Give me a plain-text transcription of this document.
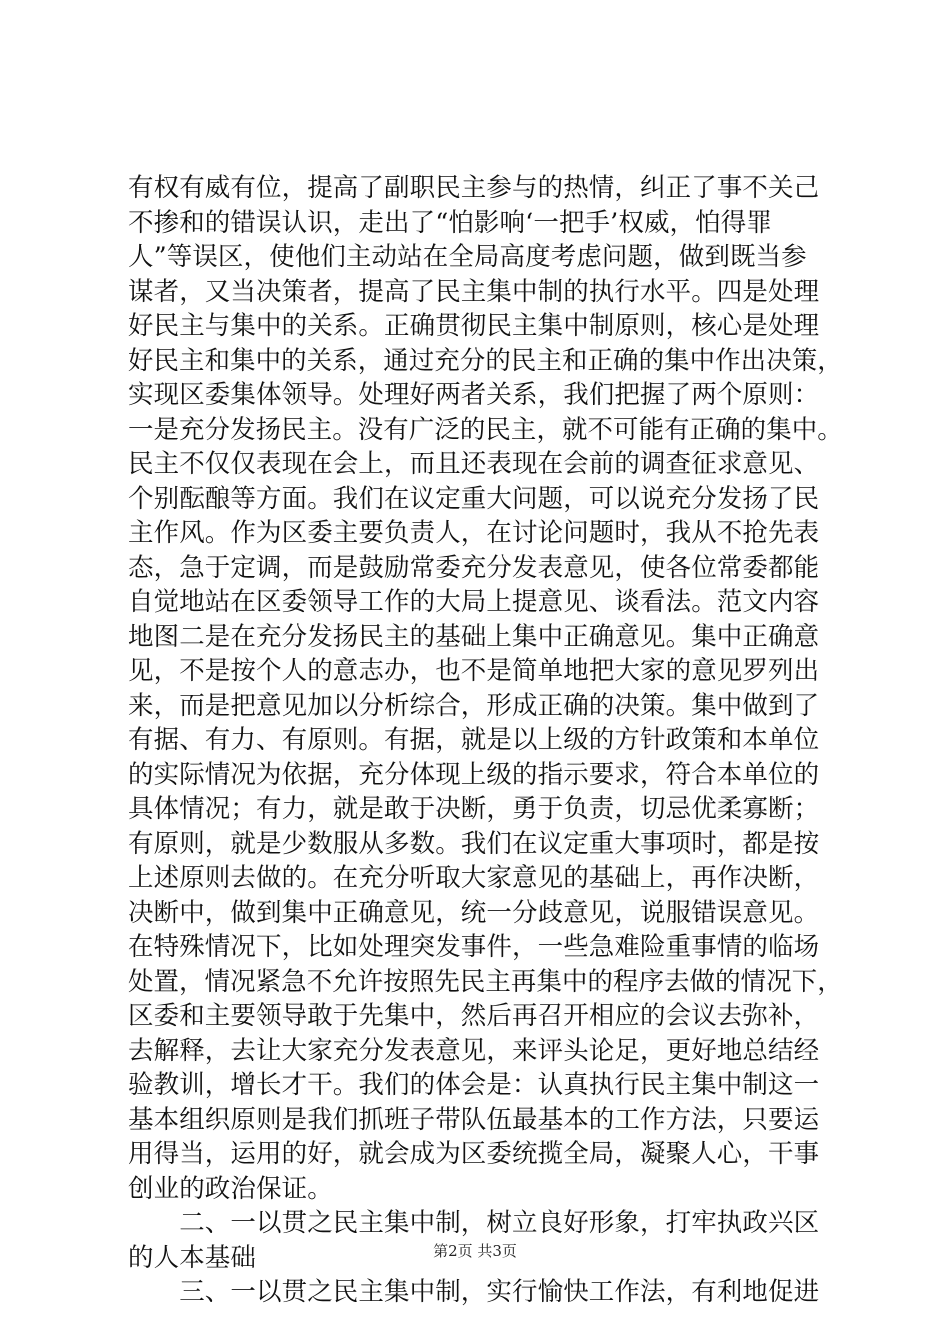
有权有威有位，提高了副职民主参与的热情，纠正了事不关己
不掺和的错误认识，走出了“怕影响‘一把手’权威，怕得罪
人”等误区，使他们主动站在全局高度考虑问题，做到既当参
谋者，又当决策者，提高了民主集中制的执行水平。四是处理
好民主与集中的关系。正确贯彻民主集中制原则，核心是处理
好民主和集中的关系，通过充分的民主和正确的集中作出决策，
实现区委集体领导。处理好两者关系，我们把握了两个原则：
一是充分发扬民主。没有广泛的民主，就不可能有正确的集中。
民主不仅仅表现在会上，而且还表现在会前的调查征求意见、
个别酝酿等方面。我们在议定重大问题，可以说充分发扬了民
主作风。作为区委主要负责人，在讨论问题时，我从不抢先表
态，急于定调，而是鼓励常委充分发表意见，使各位常委都能
自觉地站在区委领导工作的大局上提意见、谈看法。范文内容
地图二是在充分发扬民主的基础上集中正确意见。集中正确意
见，不是按个人的意志办，也不是简单地把大家的意见罗列出
来，而是把意见加以分析综合，形成正确的决策。集中做到了
有据、有力、有原则。有据，就是以上级的方针政策和本单位
的实际情况为依据，充分体现上级的指示要求，符合本单位的
具体情况；有力，就是敢于决断，勇于负责，切忌优柔寡断；
有原则，就是少数服从多数。我们在议定重大事项时，都是按
上述原则去做的。在充分听取大家意见的基础上，再作决断，
决断中，做到集中正确意见，统一分歧意见，说服错误意见。
在特殊情况下，比如处理突发事件，一些急难险重事情的临场
处置，情况紧急不允许按照先民主再集中的程序去做的情况下，
区委和主要领导敢于先集中，然后再召开相应的会议去弥补，
去解释，去让大家充分发表意见，来评头论足，更好地总结经
验教训，增长才干。我们的体会是：认真执行民主集中制这一
基本组织原则是我们抓班子带队伍最基本的工作方法，只要运
用得当，运用的好，就会成为区委统揽全局，凝聚人心，干事
创业的政治保证。
　　二、一以贯之民主集中制，树立良好形象，打牢执政兴区
的人本基础
　　三、一以贯之民主集中制，实行愉快工作法，有利地促进
第2页 共3页
